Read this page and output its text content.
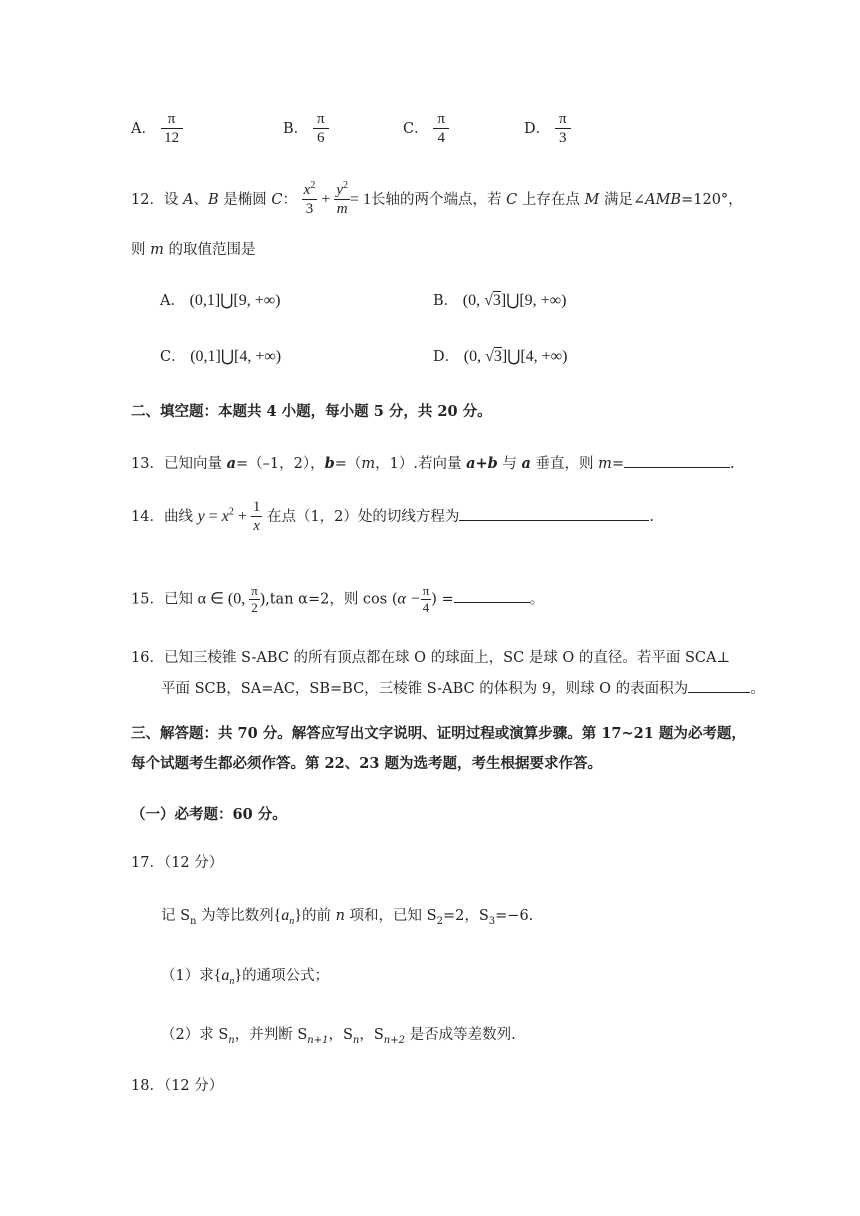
A． $\frac{\pi}{12}$	B． $\frac{\pi}{6}$	C． $\frac{\pi}{4}$	D． $\frac{\pi}{3}$
12．设 A、B 是椭圆 C： $\frac{x^2}{3} + \frac{y^2}{m} = 1$长轴的两个端点，若 C 上存在点 M 满足∠AMB=120°，
则 m 的取值范围是
A． (0,1]⋃[9, +∞)	B． (0, √3]⋃[9, +∞)
C． (0,1]⋃[4, +∞)	D． (0, √3]⋃[4, +∞)
二、填空题：本题共 4 小题，每小题 5 分，共 20 分。
13．已知向量 a=（–1，2），b=（m，1）.若向量 a+b 与 a 垂直，则 m=	.
14．曲线 $y = x^2 + \frac{1}{x}$ 在点（1，2）处的切线方程为	.
15．已知 α ∈ (0, $\frac{\pi}{2} ),\tan$ α=2，则 $\cos (\alpha - \frac{\pi}{4}$ ) =	。
16．已知三棱锥 S-ABC 的所有顶点都在球 O 的球面上，SC 是球 O 的直径。若平面 SCA⊥
平面 SCB，SA=AC，SB=BC，三棱锥 S-ABC 的体积为 9，则球 O 的表面积为	。
三、解答题：共 70 分。解答应写出文字说明、证明过程或演算步骤。第 17~21 题为必考题，
每个试题考生都必须作答。第 22、23 题为选考题，考生根据要求作答。
（一）必考题：60 分。
17．（12 分）
记 $S_n$ 为等比数列$\{a_n\}$的前 n 项和，已知 $S_2=2$，$S_3=-6$.
（1）求$\{a_n\}$的通项公式；
（2）求 $S_n$，并判断 $S_{n+1}$，$S_n$，$S_{n+2}$ 是否成等差数列.
18．（12 分）
